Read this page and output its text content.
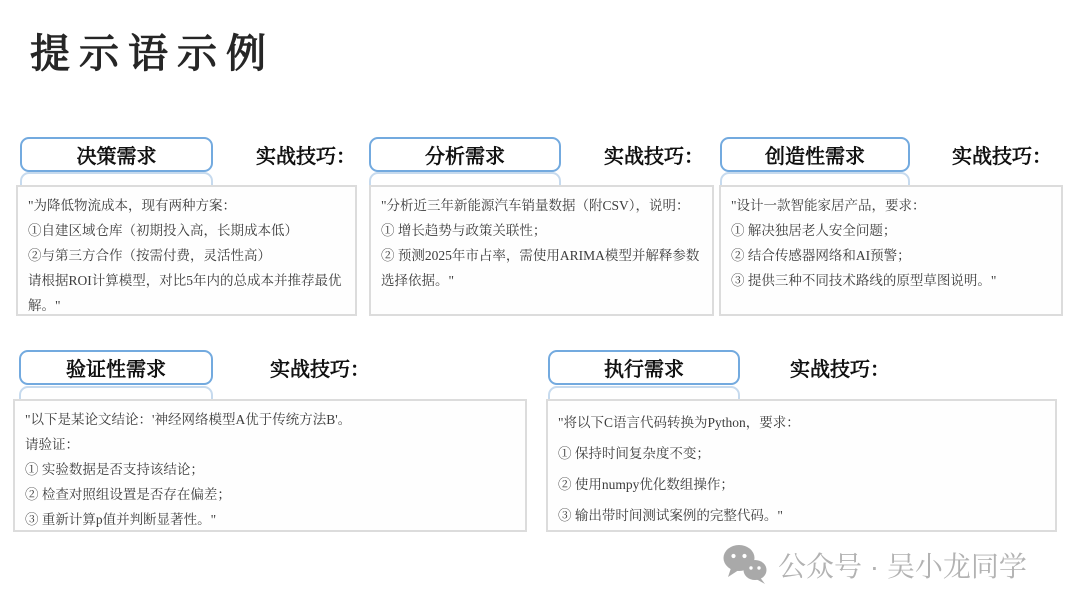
提示语示例
决策需求	实战技巧：
"为降低物流成本，现有两种方案：
①自建区域仓库（初期投入高，长期成本低）
②与第三方合作（按需付费，灵活性高）
请根据ROI计算模型，对比5年内的总成本并推荐最优解。"
分析需求	实战技巧：
"分析近三年新能源汽车销量数据（附CSV），说明：
① 增长趋势与政策关联性；
② 预测2025年市占率，需使用ARIMA模型并解释参数选择依据。"
创造性需求	实战技巧：
"设计一款智能家居产品，要求：
① 解决独居老人安全问题；
② 结合传感器网络和AI预警；
③ 提供三种不同技术路线的原型草图说明。"
验证性需求	实战技巧：
"以下是某论文结论：'神经网络模型A优于传统方法B'。
请验证：
① 实验数据是否支持该结论；
② 检查对照组设置是否存在偏差；
③ 重新计算p值并判断显著性。"
执行需求	实战技巧：
"将以下C语言代码转换为Python，要求：
① 保持时间复杂度不变；
② 使用numpy优化数组操作；
③ 输出带时间测试案例的完整代码。"
公众号 · 吴小龙同学
